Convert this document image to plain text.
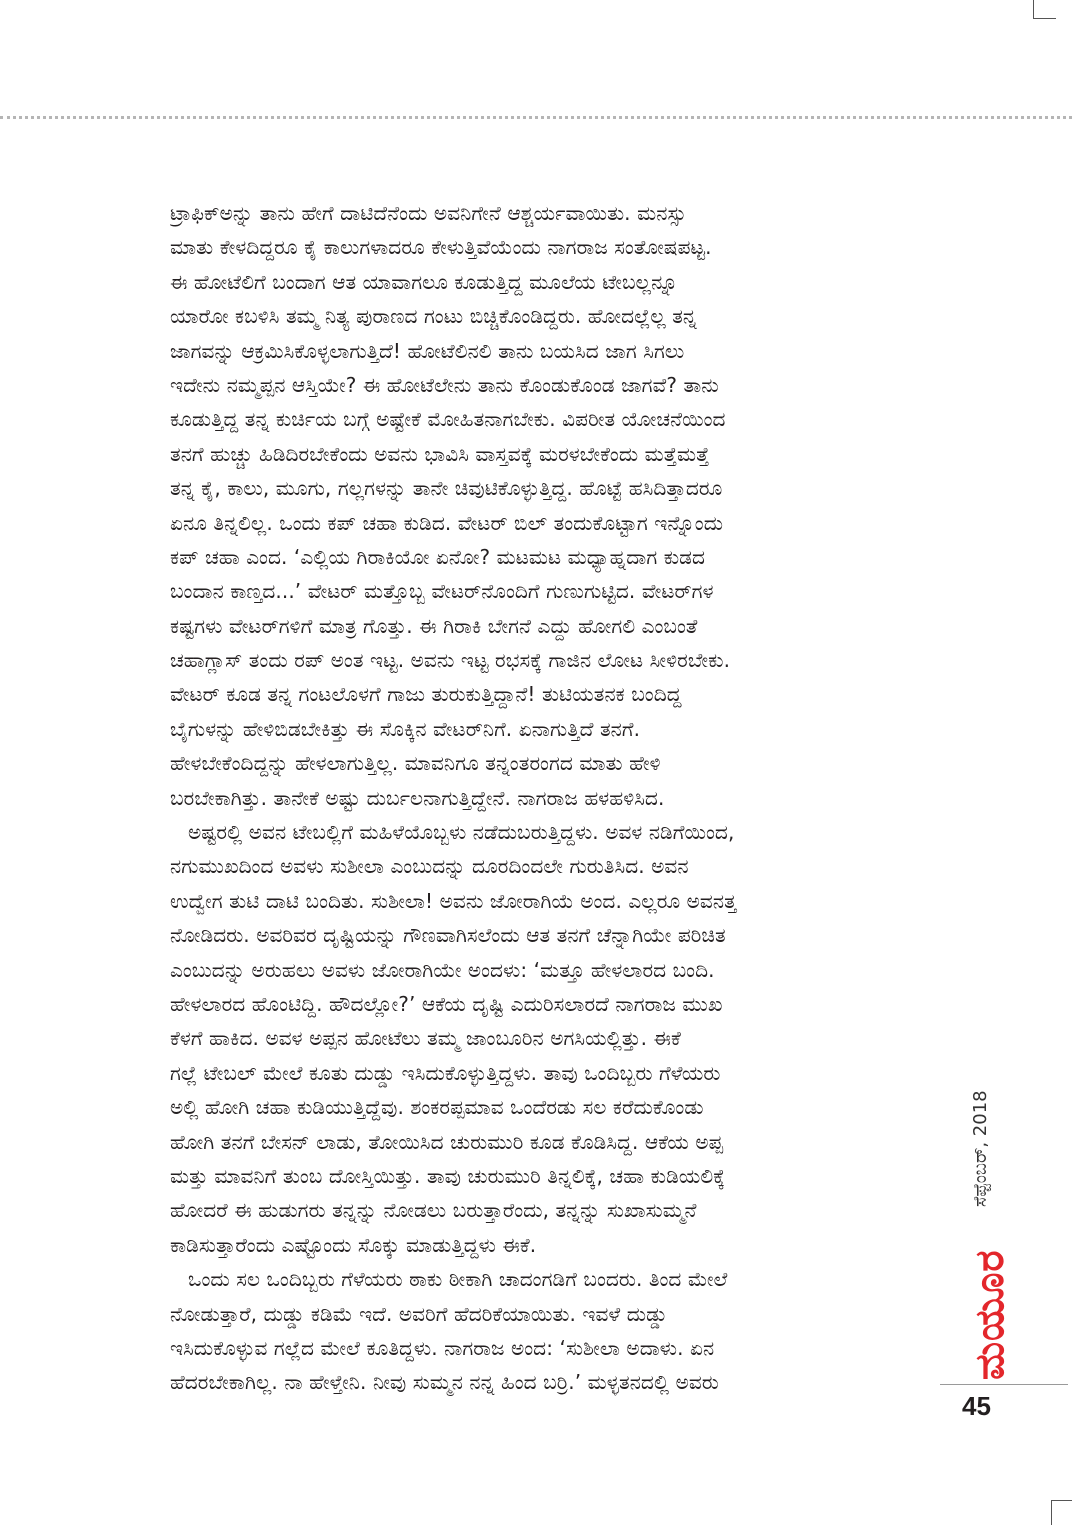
ಟ್ರಾಫಿಕ್‌ಅನ್ನು ತಾನು ಹೇಗೆ ದಾಟಿದೆನೆಂದು ಅವನಿಗೇನೆ ಆಶ್ಚರ್ಯವಾಯಿತು. ಮನಸ್ಸು
ಮಾತು ಕೇಳದಿದ್ದರೂ ಕೈ ಕಾಲುಗಳಾದರೂ ಕೇಳುತ್ತಿವೆಯೆಂದು ನಾಗರಾಜ ಸಂತೋಷಪಟ್ಟ.
ಈ ಹೋಟೆಲಿಗೆ ಬಂದಾಗ ಆತ ಯಾವಾಗಲೂ ಕೂಡುತ್ತಿದ್ದ ಮೂಲೆಯ ಟೇಬಲ್ಲನ್ನೂ
ಯಾರೋ ಕಬಳಿಸಿ ತಮ್ಮ ನಿತ್ಯ ಪುರಾಣದ ಗಂಟು ಬಿಚ್ಚಿಕೊಂಡಿದ್ದರು. ಹೋದಲ್ಲೆಲ್ಲ ತನ್ನ
ಜಾಗವನ್ನು ಆಕ್ರಮಿಸಿಕೊಳ್ಳಲಾಗುತ್ತಿದೆ! ಹೋಟೆಲಿನಲಿ ತಾನು ಬಯಸಿದ ಜಾಗ ಸಿಗಲು
ಇದೇನು ನಮ್ಮಪ್ಪನ ಆಸ್ತಿಯೇ? ಈ ಹೋಟೆಲೇನು ತಾನು ಕೊಂಡುಕೊಂಡ ಜಾಗವೆ? ತಾನು
ಕೂಡುತ್ತಿದ್ದ ತನ್ನ ಕುರ್ಚಿಯ ಬಗ್ಗೆ ಅಷ್ಟೇಕೆ ಮೋಹಿತನಾಗಬೇಕು. ವಿಪರೀತ ಯೋಚನೆಯಿಂದ
ತನಗೆ ಹುಚ್ಚು ಹಿಡಿದಿರಬೇಕೆಂದು ಅವನು ಭಾವಿಸಿ ವಾಸ್ತವಕ್ಕೆ ಮರಳಬೇಕೆಂದು ಮತ್ತೆಮತ್ತೆ
ತನ್ನ ಕೈ, ಕಾಲು, ಮೂಗು, ಗಲ್ಲಗಳನ್ನು ತಾನೇ ಚಿವುಟಿಕೊಳ್ಳುತ್ತಿದ್ದ. ಹೊಟ್ಟೆ ಹಸಿದಿತ್ತಾದರೂ
ಏನೂ ತಿನ್ನಲಿಲ್ಲ. ಒಂದು ಕಪ್ ಚಹಾ ಕುಡಿದ. ವೇಟರ್ ಬಿಲ್ ತಂದುಕೊಟ್ಟಾಗ ಇನ್ನೊಂದು
ಕಪ್ ಚಹಾ ಎಂದ. ‘ಎಲ್ಲಿಯ ಗಿರಾಕಿಯೋ ಏನೋ? ಮಟಮಟ ಮಧ್ಯಾಹ್ನದಾಗ ಕುಡದ
ಬಂದಾನ ಕಾಣ್ತದ...’ ವೇಟರ್ ಮತ್ತೊಬ್ಬ ವೇಟರ್‌ನೊಂದಿಗೆ ಗುಣುಗುಟ್ಟಿದ. ವೇಟರ್‌ಗಳ
ಕಷ್ಟಗಳು ವೇಟರ್‌ಗಳಿಗೆ ಮಾತ್ರ ಗೊತ್ತು. ಈ ಗಿರಾಕಿ ಬೇಗನೆ ಎದ್ದು ಹೋಗಲಿ ಎಂಬಂತೆ
ಚಹಾಗ್ಲಾಸ್ ತಂದು ರಪ್ ಅಂತ ಇಟ್ಟ. ಅವನು ಇಟ್ಟ ರಭಸಕ್ಕೆ ಗಾಜಿನ ಲೋಟ ಸೀಳಿರಬೇಕು.
ವೇಟರ್ ಕೂಡ ತನ್ನ ಗಂಟಲೊಳಗೆ ಗಾಜು ತುರುಕುತ್ತಿದ್ದಾನೆ! ತುಟಿಯತನಕ ಬಂದಿದ್ದ
ಬೈಗುಳನ್ನು ಹೇಳಿಬಿಡಬೇಕಿತ್ತು ಈ ಸೊಕ್ಕಿನ ವೇಟರ್‌ನಿಗೆ. ಏನಾಗುತ್ತಿದೆ ತನಗೆ.
ಹೇಳಬೇಕೆಂದಿದ್ದನ್ನು ಹೇಳಲಾಗುತ್ತಿಲ್ಲ. ಮಾವನಿಗೂ ತನ್ನಂತರಂಗದ ಮಾತು ಹೇಳಿ
ಬರಬೇಕಾಗಿತ್ತು. ತಾನೇಕೆ ಅಷ್ಟು ದುರ್ಬಲನಾಗುತ್ತಿದ್ದೇನೆ. ನಾಗರಾಜ ಹಳಹಳಿಸಿದ.
ಅಷ್ಟರಲ್ಲಿ ಅವನ ಟೇಬಲ್ಲಿಗೆ ಮಹಿಳೆಯೊಬ್ಬಳು ನಡೆದುಬರುತ್ತಿದ್ದಳು. ಅವಳ ನಡಿಗೆಯಿಂದ,
ನಗುಮುಖದಿಂದ ಅವಳು ಸುಶೀಲಾ ಎಂಬುದನ್ನು ದೂರದಿಂದಲೇ ಗುರುತಿಸಿದ. ಅವನ
ಉದ್ವೇಗ ತುಟಿ ದಾಟಿ ಬಂದಿತು. ಸುಶೀಲಾ! ಅವನು ಜೋರಾಗಿಯೆ ಅಂದ. ಎಲ್ಲರೂ ಅವನತ್ತ
ನೋಡಿದರು. ಅವರಿವರ ದೃಷ್ಟಿಯನ್ನು ಗೌಣವಾಗಿಸಲೆಂದು ಆತ ತನಗೆ ಚೆನ್ನಾಗಿಯೇ ಪರಿಚಿತ
ಎಂಬುದನ್ನು ಅರುಹಲು ಅವಳು ಜೋರಾಗಿಯೇ ಅಂದಳು: ‘ಮತ್ತೂ ಹೇಳಲಾರದ ಬಂದಿ.
ಹೇಳಲಾರದ ಹೊಂಟಿದ್ದಿ. ಹೌದಲ್ಲೋ?’ ಆಕೆಯ ದೃಷ್ಟಿ ಎದುರಿಸಲಾರದೆ ನಾಗರಾಜ ಮುಖ
ಕೆಳಗೆ ಹಾಕಿದ. ಅವಳ ಅಪ್ಪನ ಹೋಟೆಲು ತಮ್ಮ ಜಾಂಬೂರಿನ ಅಗಸಿಯಲ್ಲಿತ್ತು. ಈಕೆ
ಗಲ್ಲೆ ಟೇಬಲ್ ಮೇಲೆ ಕೂತು ದುಡ್ಡು ಇಸಿದುಕೊಳ್ಳುತ್ತಿದ್ದಳು. ತಾವು ಒಂದಿಬ್ಬರು ಗೆಳೆಯರು
ಅಲ್ಲಿ ಹೋಗಿ ಚಹಾ ಕುಡಿಯುತ್ತಿದ್ದೆವು. ಶಂಕರಪ್ಪಮಾವ ಒಂದೆರಡು ಸಲ ಕರೆದುಕೊಂಡು
ಹೋಗಿ ತನಗೆ ಬೇಸನ್ ಲಾಡು, ತೋಯಿಸಿದ ಚುರುಮುರಿ ಕೂಡ ಕೊಡಿಸಿದ್ದ. ಆಕೆಯ ಅಪ್ಪ
ಮತ್ತು ಮಾವನಿಗೆ ತುಂಬ ದೋಸ್ತಿಯಿತ್ತು. ತಾವು ಚುರುಮುರಿ ತಿನ್ನಲಿಕ್ಕೆ, ಚಹಾ ಕುಡಿಯಲಿಕ್ಕೆ
ಹೋದರೆ ಈ ಹುಡುಗರು ತನ್ನನ್ನು ನೋಡಲು ಬರುತ್ತಾರೆಂದು, ತನ್ನನ್ನು ಸುಖಾಸುಮ್ಮನೆ
ಕಾಡಿಸುತ್ತಾರೆಂದು ಎಷ್ಟೊಂದು ಸೊಕ್ಕು ಮಾಡುತ್ತಿದ್ದಳು ಈಕೆ.
ಒಂದು ಸಲ ಒಂದಿಬ್ಬರು ಗೆಳೆಯರು ಠಾಕು ಠೀಕಾಗಿ ಚಾದಂಗಡಿಗೆ ಬಂದರು. ತಿಂದ ಮೇಲೆ
ನೋಡುತ್ತಾರೆ, ದುಡ್ಡು ಕಡಿಮೆ ಇದೆ. ಅವರಿಗೆ ಹೆದರಿಕೆಯಾಯಿತು. ಇವಳೆ ದುಡ್ಡು
ಇಸಿದುಕೊಳ್ಳುವ ಗಲ್ಲೆದ ಮೇಲೆ ಕೂತಿದ್ದಳು. ನಾಗರಾಜ ಅಂದ: ‘ಸುಶೀಲಾ ಅದಾಳು. ಏನ
ಹೆದರಬೇಕಾಗಿಲ್ಲ. ನಾ ಹೇಳ್ತೇನಿ. ನೀವು ಸುಮ್ಮನ ನನ್ನ ಹಿಂದ ಬರ್ರಿ.’ ಮಳ್ಳತನದಲ್ಲಿ ಅವರು
ಸೆಪ್ಟೆಂಬರ್, 2018
ಮಯೂರ
45
